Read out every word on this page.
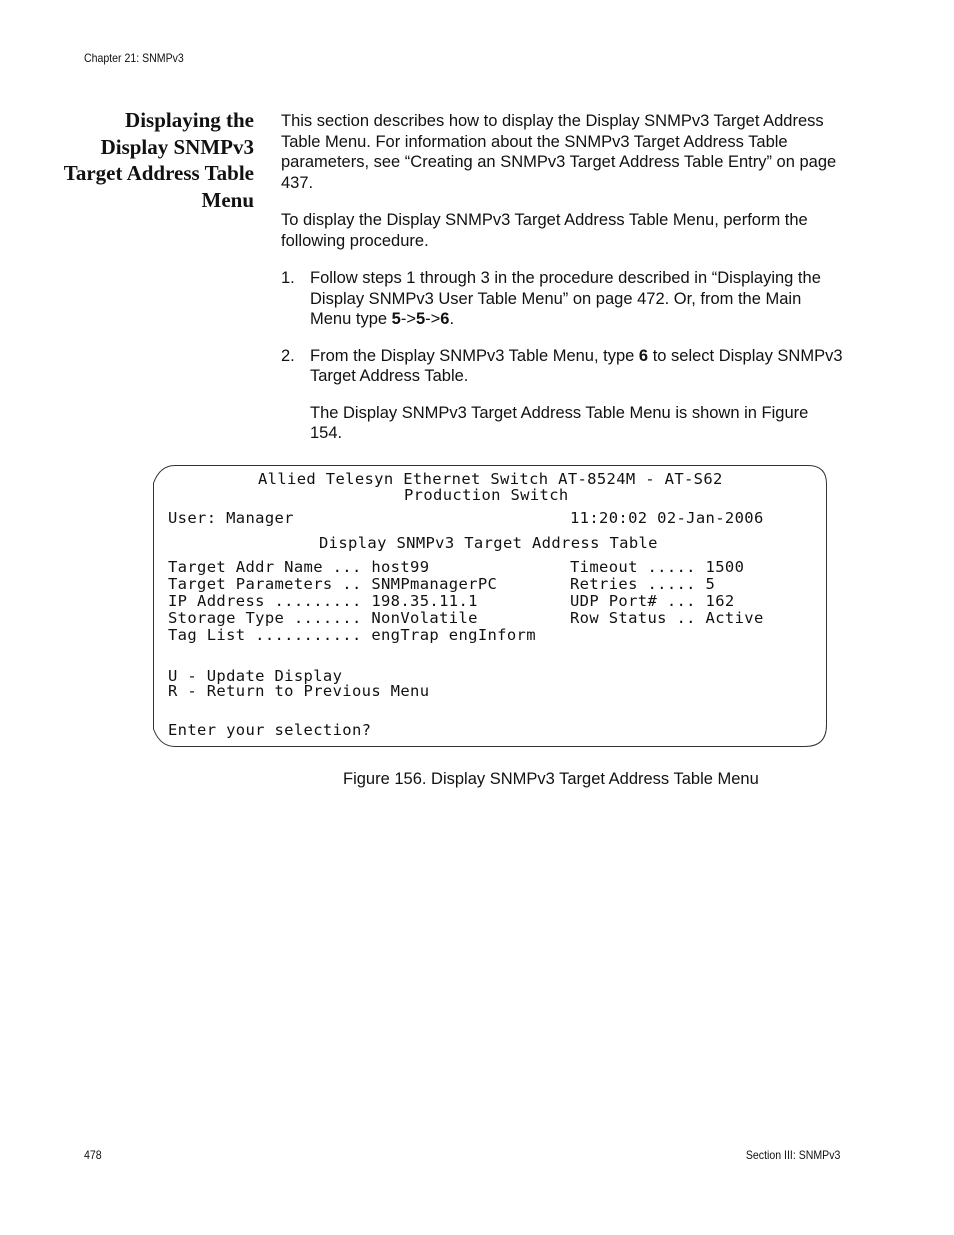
Chapter 21: SNMPv3
Displaying the Display SNMPv3 Target Address Table Menu

This section describes how to display the Display SNMPv3 Target Address Table Menu. For information about the SNMPv3 Target Address Table parameters, see “Creating an SNMPv3 Target Address Table Entry” on page 437.

To display the Display SNMPv3 Target Address Table Menu, perform the following procedure.

1. Follow steps 1 through 3 in the procedure described in “Displaying the Display SNMPv3 User Table Menu” on page 472. Or, from the Main Menu type 5->5->6.
2. From the Display SNMPv3 Table Menu, type 6 to select Display SNMPv3 Target Address Table.
The Display SNMPv3 Target Address Table Menu is shown in Figure 154.
Allied Telesyn Ethernet Switch AT-8524M - AT-S62
Production Switch
User: Manager	11:20:02 02-Jan-2006
Display SNMPv3 Target Address Table
Target Addr Name ... host99
Target Parameters .. SNMPmanagerPC
IP Address ......... 198.35.11.1
Storage Type ....... NonVolatile
Tag List ........... engTrap engInform
Timeout ..... 1500
Retries ..... 5
UDP Port# ... 162
Row Status .. Active
U - Update Display
R - Return to Previous Menu
Enter your selection?
Figure 156. Display SNMPv3 Target Address Table Menu
478	Section III: SNMPv3
